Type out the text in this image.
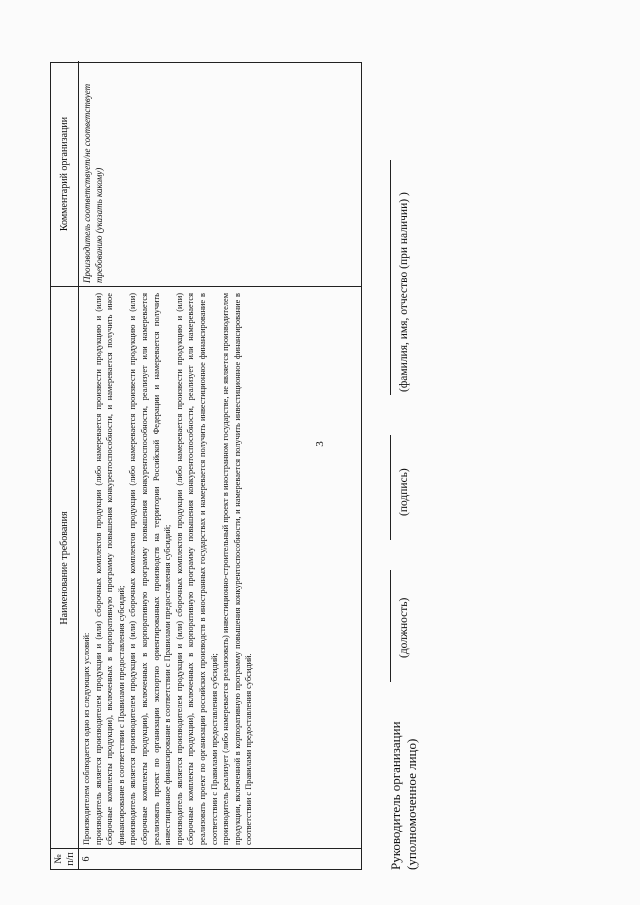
3
№ п/п
Наименование требования
Комментарий организации
6

Производителем соблюдается одно из следующих условий: производитель является производителем продукции и (или) сборочных комплектов продукции (либо намеревается произвести продукцию и (или) сборочные комплекты продукции), включенных в корпоративную программу повышения конкурентоспособности, и намеревается получить иное финансирование в соответствии с Правилами предоставления субсидий; производитель является производителем продукции и (или) сборочных комплектов продукции (либо намеревается произвести продукцию и (или) сборочные комплекты продукции), включенных в корпоративную программу повышения конкурентоспособности, реализует или намеревается реализовать проект по организации экспортно ориентированных производств на территории Российской Федерации и намеревается получить инвестиционное финансирование в соответствии с Правилами предоставления субсидий; производитель является производителем продукции и (или) сборочных комплектов продукции (либо намеревается произвести продукцию и (или) сборочные комплекты продукции), включенных в корпоративную программу повышения конкурентоспособности, реализует или намеревается реализовать проект по организации российских производств в иностранных государствах и намеревается получить инвестиционное финансирование в соответствии с Правилами предоставления субсидий; производитель реализует (либо намеревается реализовать) инвестиционно-строительный проект в иностранном государстве, не является производителем продукции, включенной в корпоративную программу повышения конкурентоспособности, и намеревается получить инвестиционное финансирование в соответствии с Правилами предоставления субсидий.

Производитель соответствует/не соответствует требованию (указать какому)
Руководитель организации (уполномоченное лицо)
(должность)
(подпись)
(фамилия, имя, отчество (при наличии) )
